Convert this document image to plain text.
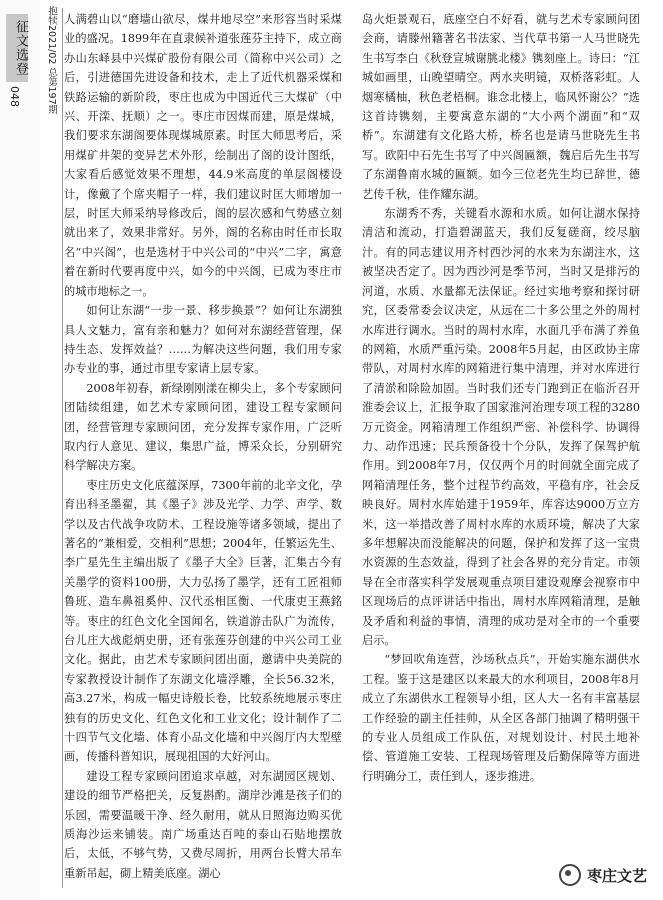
征文选登
048	抱犊2021/02 总第197期 人满碧山以“磨墙山欲尽，煤井地尽空”来形容当时采煤业的盛况。1899年在直隶候补道张莲芬主持下，成立商办山东峄县中兴煤矿股份有限公司（简称中兴公司）之后，引进德国先进设备和技术，走上了近代机器采煤和铁路运输的新阶段，枣庄也成为中国近代三大煤矿（中兴、开滦、抚顺）之一。枣庄市因煤而建，原是煤城，我们要求东湖阁要体现煤城原素。时匡大师思考后，采用煤矿井架的变异艺术外形，绘制出了阁的设计图纸，大家看后感觉效果不理想，44.9米高度的单层阁楼设计，像戴了个席夹帽子一样，我们建议时匡大师增加一层，时匡大师采纳导修改后，阁的层次感和气势感立刻就出来了，效果非常好。另外，阁的名称由时任市长取名“中兴阁”，也是选材于中兴公司的“中兴”二字，寓意着在新时代要再度中兴，如今的中兴阁，已成为枣庄市的城市地标之一。

如何让东湖“一步一景、移步换景”？如何让东湖独具人文魅力，富有亲和魅力？如何对东湖经营管理，保持生态、发挥效益？……为解决这些问题，我们用专家办专业的事，通过市里专家请上层专家。

2008年初春，新绿刚刚漾在柳尖上，多个专家顾问团陆续组建，如艺术专家顾问团，建设工程专家顾问团，经营管理专家顾问团，充分发挥专家作用，广泛听取内行人意见、建议，集思广益，博采众长，分别研究科学解决方案。

枣庄历史文化底蕴深厚，7300年前的北辛文化，孕育出科圣墨翟，其《墨子》涉及光学、力学、声学、数学以及古代战争攻防术、工程设施等诸多领域，提出了著名的“兼相爱，交相利”思想；2004年，任繁运先生、李广星先生主编出版了《墨子大全》巨著，汇集古今有关墨学的资料100册，大力弘扬了墨学，还有工匠祖师鲁班、造车鼻祖奚仲、汉代丞相匡衡、一代康吏王燕銘等。枣庄的红色文化全国闻名，铁道游击队广为流传，台儿庄大战彪炳史册，还有张莲芬创建的中兴公司工业文化。据此，由艺术专家顾问团出面，邀请中央美院的专家教授设计制作了东湖文化墙浮雕，全长56.32米，高3.27米，构成一幅史诗般长卷，比较系统地展示枣庄独有的历史文化、红色文化和工业文化；设计制作了二十四节气文化墙、体育小品文化墙和中兴阁厅内大型壁画，传播科普知识，展现祖国的大好河山。

建设工程专家顾问团追求卓越，对东湖园区规划、建设的细节严格把关，反复斟酌。湖岸沙滩是孩子们的乐园，需要温暖干净、经久耐用，就从日照海边购买优质海沙运来铺装。南广场重达百吨的泰山石贴地摆放后，太低，不够气势，又费尽周折，用两台长臂大吊车重新吊起，砌上精美底座。湖心

岛火炬景观石，底座空白不好看，就与艺术专家顾问团会商，请滕州籍著名书法家、当代草书第一人马世晓先生书写李白《秋登宣城谢朓北楼》镌刻座上。诗曰：“江城如画里，山晚望晴空。两水夹明镜，双桥落彩虹。人烟寒橘柚，秋色老梧桐。谁念北楼上，临风怀谢公？”选这首诗镌刻，主要寓意东湖的“大小两个湖面”和“双桥”。东湖建有文化路大桥，桥名也是请马世晓先生书写。欧阳中石先生书写了中兴阁匾额，魏启后先生书写了东湖鲁南水城的匾额。如今三位老先生均已辞世，德艺传千秋，佳作耀东湖。

东湖秀不秀，关键看水源和水质。如何让湖水保持清洁和流动，打造碧湖蓝天，我们反复磋商，绞尽脑汁。有的同志建议用齐村西沙河的水来为东湖注水，这被坚决否定了。因为西沙河是季节河，当时又是排污的河道，水质、水量都无法保证。经过实地考察和探讨研究，区委常委会议决定，从远在二十多公里之外的周村水库进行调水。当时的周村水库，水面几乎布满了养鱼的网箱，水质严重污染。2008年5月起，由区政协主席带队，对周村水库的网箱进行集中清理，并对水库进行了清淤和除险加固。当时我们还专门跑到正在临沂召开淮委会议上，汇报争取了国家淮河治理专项工程的3280万元资金。网箱清理工作组织严密、补偿科学、协调得力、动作迅速；民兵预备役十个分队，发挥了保驾护航作用。到2008年7月，仅仅两个月的时间就全面完成了网箱清理任务，整个过程节约高效，平稳有序，社会反映良好。周村水库始建于1959年，库容达9000万立方米，这一举措改善了周村水库的水质环境，解决了大家多年想解决而没能解决的问题，保护和发挥了这一宝贵水资源的生态效益，得到了社会各界的充分肯定。市领导在全市落实科学发展观重点项目建设观摩会视察市中区现场后的点评讲话中指出，周村水库网箱清理，是触及矛盾和利益的事情，清理的成功是对全市的一个重要启示。

“梦回吹角连营，沙场秋点兵”，开始实施东湖供水工程。鉴于这是建区以来最大的水利项目，2008年8月成立了东湖供水工程领导小组，区人大一名有丰富基层工作经验的副主任挂帅，从全区各部门抽调了精明强干的专业人员组成工作队伍，对规划设计、村民土地补偿、管道施工安装、工程现场管理及后勤保障等方面进行明确分工，责任到人，逐步推进。

枣庄文艺
